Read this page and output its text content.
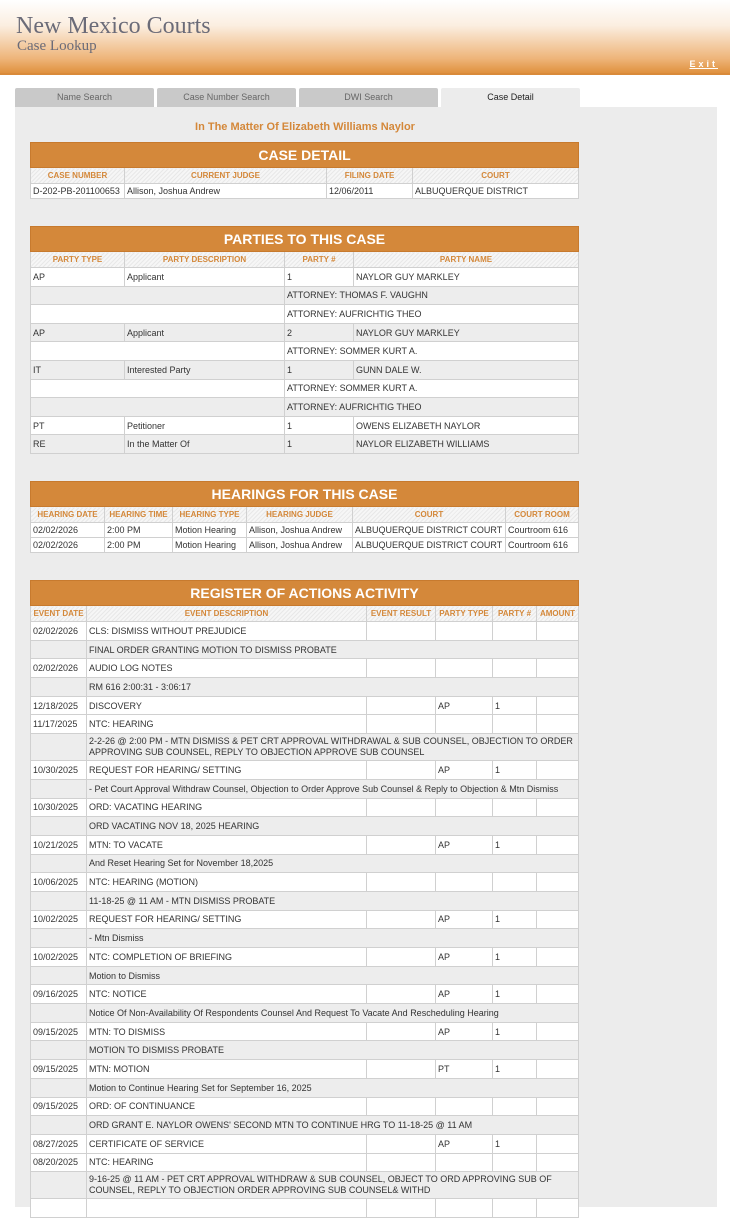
New Mexico Courts
Case Lookup
Exit
Name Search	Case Number Search	DWI Search	Case Detail
In The Matter Of Elizabeth Williams Naylor
CASE DETAIL			
CASE NUMBER	CURRENT JUDGE	FILING DATE	COURT
D-202-PB-201100653	Allison, Joshua Andrew	12/06/2011	ALBUQUERQUE DISTRICT
PARTIES TO THIS CASE			
PARTY TYPE	PARTY DESCRIPTION	PARTY #	PARTY NAME
AP	Applicant	1	NAYLOR GUY MARKLEY
		ATTORNEY: THOMAS F. VAUGHN	
		ATTORNEY: AUFRICHTIG THEO	
AP	Applicant	2	NAYLOR GUY MARKLEY
		ATTORNEY: SOMMER KURT A.	
IT	Interested Party	1	GUNN DALE W.
		ATTORNEY: SOMMER KURT A.	
		ATTORNEY: AUFRICHTIG THEO	
PT	Petitioner	1	OWENS ELIZABETH NAYLOR
RE	In the Matter Of	1	NAYLOR ELIZABETH WILLIAMS
HEARINGS FOR THIS CASE					
HEARING DATE	HEARING TIME	HEARING TYPE	HEARING JUDGE	COURT	COURT ROOM
02/02/2026	2:00 PM	Motion Hearing	Allison, Joshua Andrew	ALBUQUERQUE DISTRICT COURT	Courtroom 616
02/02/2026	2:00 PM	Motion Hearing	Allison, Joshua Andrew	ALBUQUERQUE DISTRICT COURT	Courtroom 616
REGISTER OF ACTIONS ACTIVITY					
EVENT DATE	EVENT DESCRIPTION	EVENT RESULT	PARTY TYPE	PARTY #	AMOUNT
02/02/2026	CLS: DISMISS WITHOUT PREJUDICE				
	FINAL ORDER GRANTING MOTION TO DISMISS PROBATE				
02/02/2026	AUDIO LOG NOTES				
	RM 616 2:00:31 - 3:06:17				
12/18/2025	DISCOVERY		AP	1	
11/17/2025	NTC: HEARING				
	2-2-26 @ 2:00 PM - MTN DISMISS & PET CRT APPROVAL WITHDRAWAL & SUB COUNSEL, OBJECTION TO ORDER APPROVING SUB COUNSEL, REPLY TO OBJECTION APPROVE SUB COUNSEL				
10/30/2025	REQUEST FOR HEARING/ SETTING		AP	1	
	- Pet Court Approval Withdraw Counsel, Objection to Order Approve Sub Counsel & Reply to Objection & Mtn Dismiss				
10/30/2025	ORD: VACATING HEARING				
	ORD VACATING NOV 18, 2025 HEARING				
10/21/2025	MTN: TO VACATE		AP	1	
	And Reset Hearing Set for November 18,2025				
10/06/2025	NTC: HEARING (MOTION)				
	11-18-25 @ 11 AM - MTN DISMISS PROBATE				
10/02/2025	REQUEST FOR HEARING/ SETTING		AP	1	
	- Mtn Dismiss				
10/02/2025	NTC: COMPLETION OF BRIEFING		AP	1	
	Motion to Dismiss				
09/16/2025	NTC: NOTICE		AP	1	
	Notice Of Non-Availability Of Respondents Counsel And Request To Vacate And Rescheduling Hearing				
09/15/2025	MTN: TO DISMISS		AP	1	
	MOTION TO DISMISS PROBATE				
09/15/2025	MTN: MOTION		PT	1	
	Motion to Continue Hearing Set for September 16, 2025				
09/15/2025	ORD: OF CONTINUANCE				
	ORD GRANT E. NAYLOR OWENS' SECOND MTN TO CONTINUE HRG TO 11-18-25 @ 11 AM				
08/27/2025	CERTIFICATE OF SERVICE		AP	1	
08/20/2025	NTC: HEARING				
	9-16-25 @ 11 AM - PET CRT APPROVAL WITHDRAW & SUB COUNSEL, OBJECT TO ORD APPROVING SUB OF COUNSEL, REPLY TO OBJECTION ORDER APPROVING SUB COUNSEL& WITHD				
